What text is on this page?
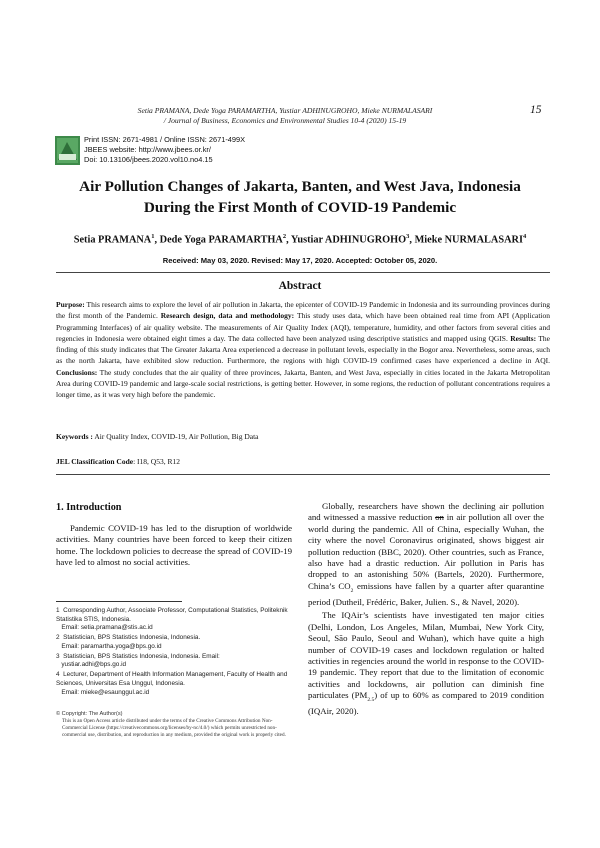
Setia PRAMANA, Dede Yoga PARAMARTHA, Yustiar ADHINUGROHO, Mieke NURMALASARI
/ Journal of Business, Economics and Environmental Studies 10-4 (2020) 15-19
15
Print ISSN: 2671-4981 / Online ISSN: 2671-499X
JBEES website: http://www.jbees.or.kr/
Doi: 10.13106/jbees.2020.vol10.no4.15
Air Pollution Changes of Jakarta, Banten, and West Java, Indonesia
During the First Month of COVID-19 Pandemic
Setia PRAMANA$^1$, Dede Yoga PARAMARTHA$^2$, Yustiar ADHINUGROHO$^3$, Mieke NURMALASARI$^4$
Received: May 03, 2020. Revised: May 17, 2020. Accepted: October 05, 2020.
Abstract
Purpose: This research aims to explore the level of air pollution in Jakarta, the epicenter of COVID-19 Pandemic in Indonesia and its surrounding provinces during the first month of the Pandemic. Research design, data and methodology: This study uses data, which have been obtained real time from API (Application Programming Interfaces) of air quality website. The measurements of Air Quality Index (AQI), temperature, humidity, and other factors from several cities and regencies in Indonesia were obtained eight times a day. The data collected have been analyzed using descriptive statistics and mapped using QGIS. Results: The finding of this study indicates that The Greater Jakarta Area experienced a decrease in pollutant levels, especially in the Bogor area. Nevertheless, some areas, such as the north Jakarta, have exhibited slow reduction. Furthermore, the regions with high COVID-19 confirmed cases have experienced a decline in AQI. Conclusions: The study concludes that the air quality of three provinces, Jakarta, Banten, and West Java, especially in cities located in the Jakarta Metropolitan Area during COVID-19 pandemic and large-scale social restrictions, is getting better. However, in some regions, the reduction of pollutant concentrations requires a longer time, as it was very high before the pandemic.
Keywords : Air Quality Index, COVID-19, Air Pollution, Big Data
JEL Classification Code: I18, Q53, R12
1. Introduction

Pandemic COVID-19 has led to the disruption of worldwide activities. Many countries have been forced to keep their citizen home. The lockdown policies to decrease the spread of COVID-19 have led to almost no social activities.

Globally, researchers have shown the declining air pollution and witnessed a massive reduction on in air pollution all over the world during the pandemic. All of China, especially Wuhan, the city where the novel Coronavirus originated, shows biggest air pollution reduction (BBC, 2020). Other countries, such as France, also have had a drastic reduction. Air pollution in Paris has dropped to an astonishing 50% (Bartels, 2020). Furthermore, China’s $CO_2$ emissions have fallen by a quarter after quarantine period (Dutheil, Frédéric, Baker, Julien. S., & Navel, 2020).

The IQAir’s scientists have investigated ten major cities (Delhi, London, Los Angeles, Milan, Mumbai, New York City, Seoul, São Paulo, Seoul and Wuhan), which have quite a high number of COVID-19 cases and lockdown regulation or halted activities in regencies around the world in response to the COVID-19 pandemic. They report that due to the limitation of economic activities and lockdowns, air pollution can diminish fine particulates $(PM_{2.5})$ of up to 60% as compared to 2019 condition (IQAir, 2020).

1 Corresponding Author, Associate Professor, Computational Statistics, Politeknik Statistika STIS, Indonesia.
Email: setia.pramana@stis.ac.id
2 Statistician, BPS Statistics Indonesia, Indonesia.
Email: paramartha.yoga@bps.go.id
3 Statistician, BPS Statistics Indonesia, Indonesia. Email:
yustiar.adhi@bps.go.id
4 Lecturer, Department of Health Information Management, Faculty of Health and Sciences, Universitas Esa Unggul, Indonesia.
Email: mieke@esaunggul.ac.id
© Copyright: The Author(s)
This is an Open Access article distributed under the terms of the Creative Commons Attribution Non-Commercial License (https://creativecommons.org/licenses/by-nc/4.0/) which permits unrestricted non-commercial use, distribution, and reproduction in any medium, provided the original work is properly cited.
